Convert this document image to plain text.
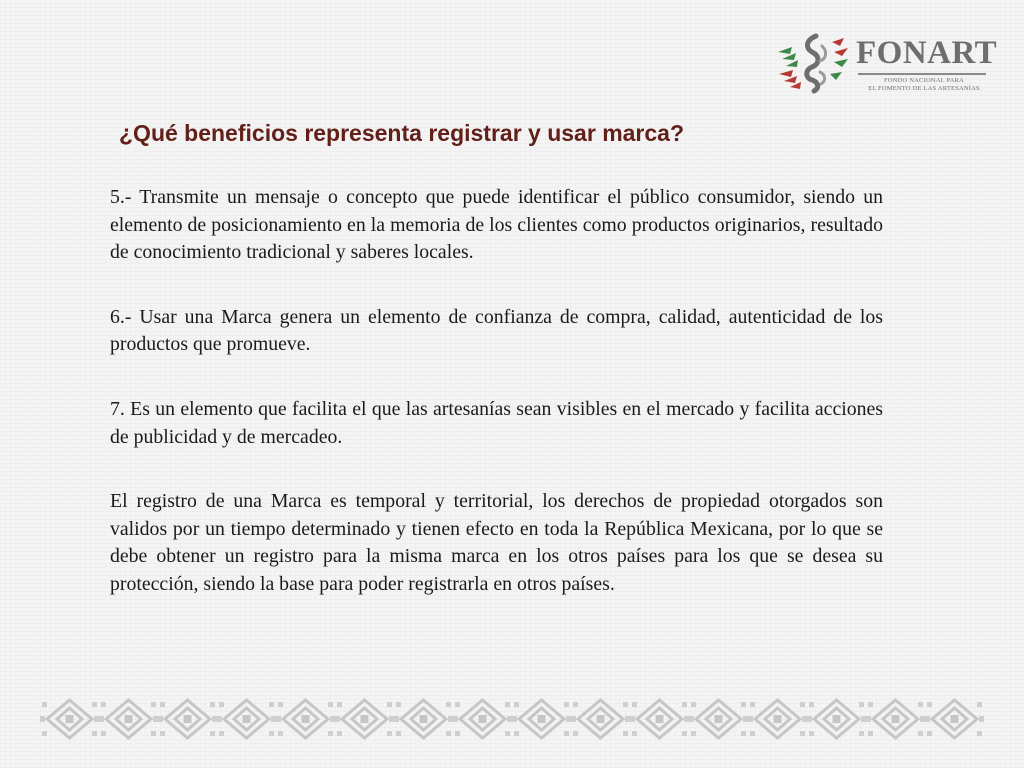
FONART
FONDO NACIONAL PARA
EL FOMENTO DE LAS ARTESANÍAS
¿Qué beneficios representa registrar y usar marca?

5.- Transmite un mensaje o concepto que puede identificar el público consumidor, siendo un elemento de posicionamiento en la memoria de los clientes como productos originarios, resultado de conocimiento tradicional y saberes locales.

6.- Usar una Marca genera un elemento de confianza de compra, calidad, autenticidad de los productos que promueve.

7. Es un elemento que facilita el que las artesanías sean visibles en el mercado y facilita acciones de publicidad y de mercadeo.

El registro de una Marca es temporal y territorial, los derechos de propiedad otorgados son validos por un tiempo determinado y tienen efecto en toda la República Mexicana, por lo que se debe obtener un registro para la misma marca en los otros países para los que se desea su protección, siendo la base para poder registrarla en otros países.
